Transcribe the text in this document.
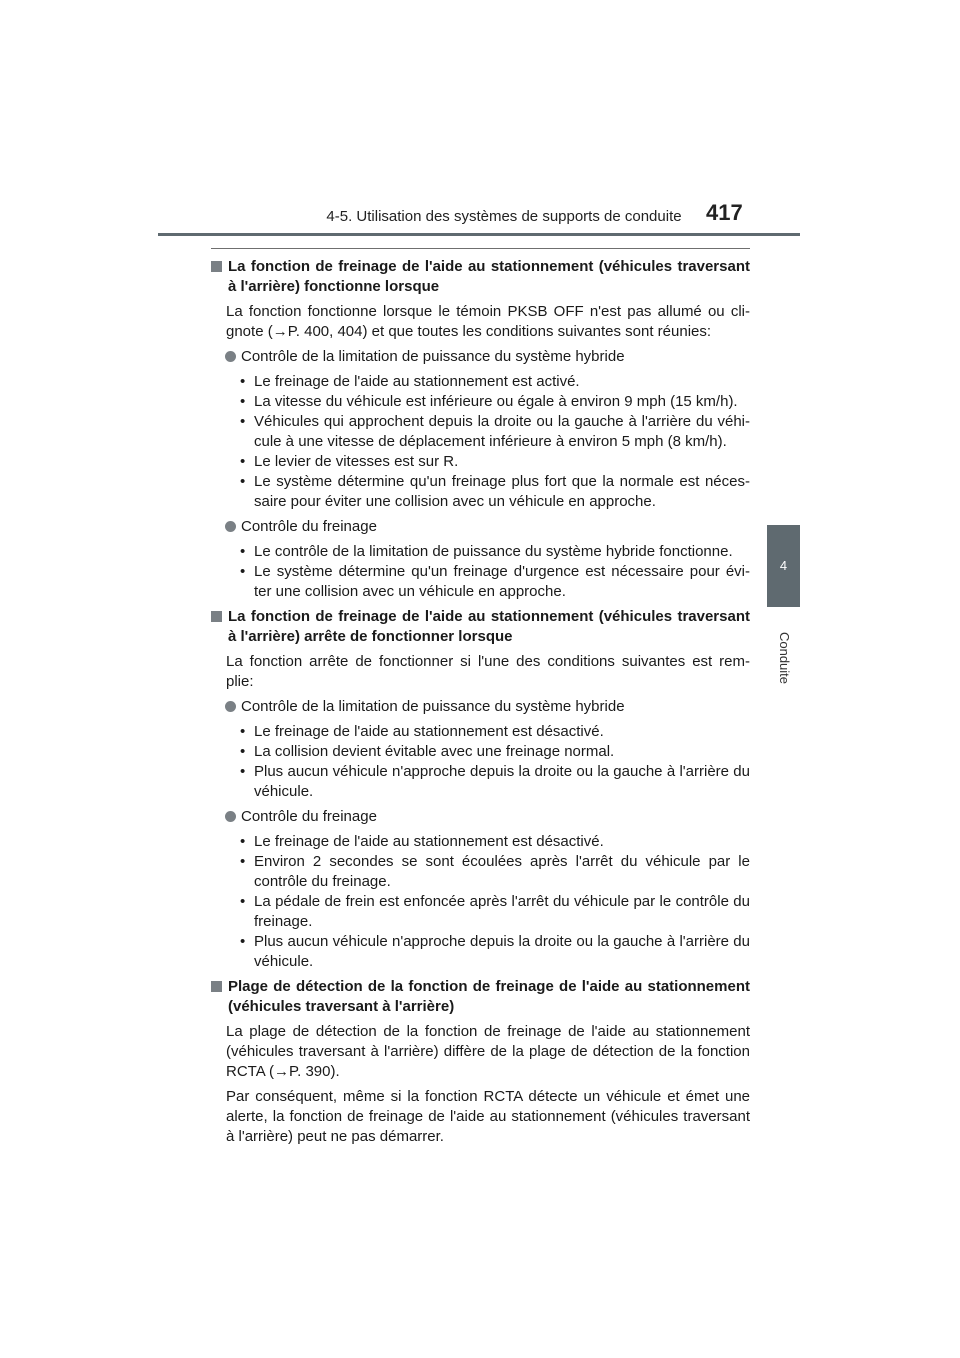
4-5. Utilisation des systèmes de supports de conduite 417
4
Conduite
La fonction de freinage de l'aide au stationnement (véhicules traversant à l'arrière) fonctionne lorsque
La fonction fonctionne lorsque le témoin PKSB OFF n'est pas allumé ou cli- gnote (→P. 400, 404) et que toutes les conditions suivantes sont réunies:
Contrôle de la limitation de puissance du système hybride
• Le freinage de l'aide au stationnement est activé.
• La vitesse du véhicule est inférieure ou égale à environ 9 mph (15 km/h).
• Véhicules qui approchent depuis la droite ou la gauche à l'arrière du véhi- cule à une vitesse de déplacement inférieure à environ 5 mph (8 km/h).
• Le levier de vitesses est sur R.
• Le système détermine qu'un freinage plus fort que la normale est néces- saire pour éviter une collision avec un véhicule en approche.
Contrôle du freinage
• Le contrôle de la limitation de puissance du système hybride fonctionne.
• Le système détermine qu'un freinage d'urgence est nécessaire pour évi- ter une collision avec un véhicule en approche.
La fonction de freinage de l'aide au stationnement (véhicules traversant à l'arrière) arrête de fonctionner lorsque
La fonction arrête de fonctionner si l'une des conditions suivantes est rem- plie:
Contrôle de la limitation de puissance du système hybride
• Le freinage de l'aide au stationnement est désactivé.
• La collision devient évitable avec une freinage normal.
• Plus aucun véhicule n'approche depuis la droite ou la gauche à l'arrière du véhicule.
Contrôle du freinage
• Le freinage de l'aide au stationnement est désactivé.
• Environ 2 secondes se sont écoulées après l'arrêt du véhicule par le contrôle du freinage.
• La pédale de frein est enfoncée après l'arrêt du véhicule par le contrôle du freinage.
• Plus aucun véhicule n'approche depuis la droite ou la gauche à l'arrière du véhicule.
Plage de détection de la fonction de freinage de l'aide au stationnement (véhicules traversant à l'arrière)
La plage de détection de la fonction de freinage de l'aide au stationnement (véhicules traversant à l'arrière) diffère de la plage de détection de la fonction RCTA (→P. 390).
Par conséquent, même si la fonction RCTA détecte un véhicule et émet une alerte, la fonction de freinage de l'aide au stationnement (véhicules traversant à l'arrière) peut ne pas démarrer.
